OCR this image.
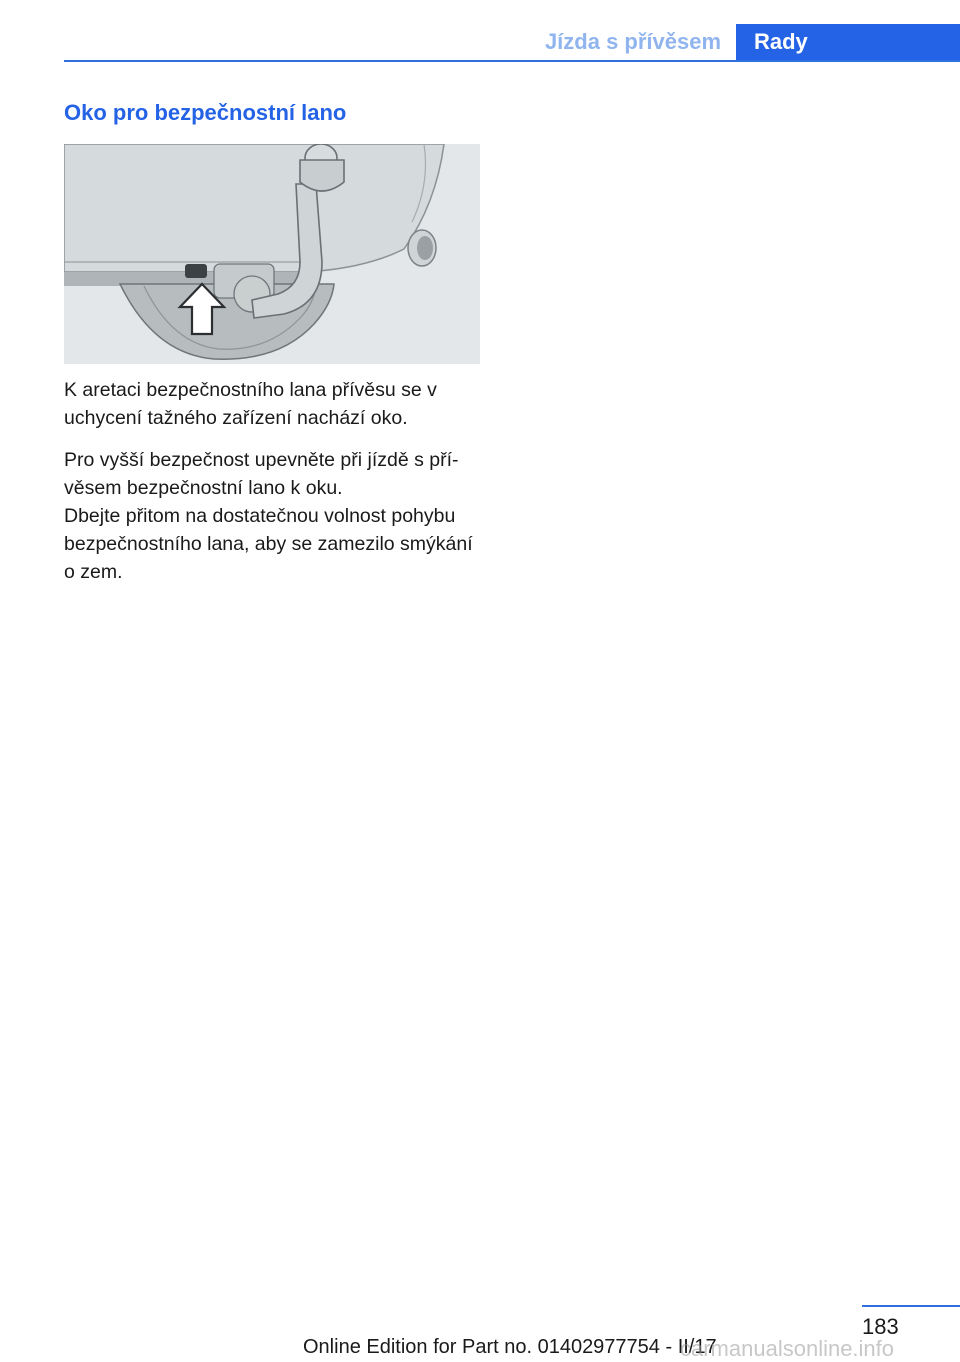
Jízda s přívěsem	Rady
Oko pro bezpečnostní lano

K aretaci bezpečnostního lana přívěsu se v uchycení tažného zařízení nachází oko.

Pro vyšší bezpečnost upevněte při jízdě s přívěsem bezpečnostní lano k oku.

Dbejte přitom na dostatečnou volnost pohybu bezpečnostního lana, aby se zamezilo smýkání o zem.

183
Online Edition for Part no. 01402977754 - II/17
carmanualsonline.info
